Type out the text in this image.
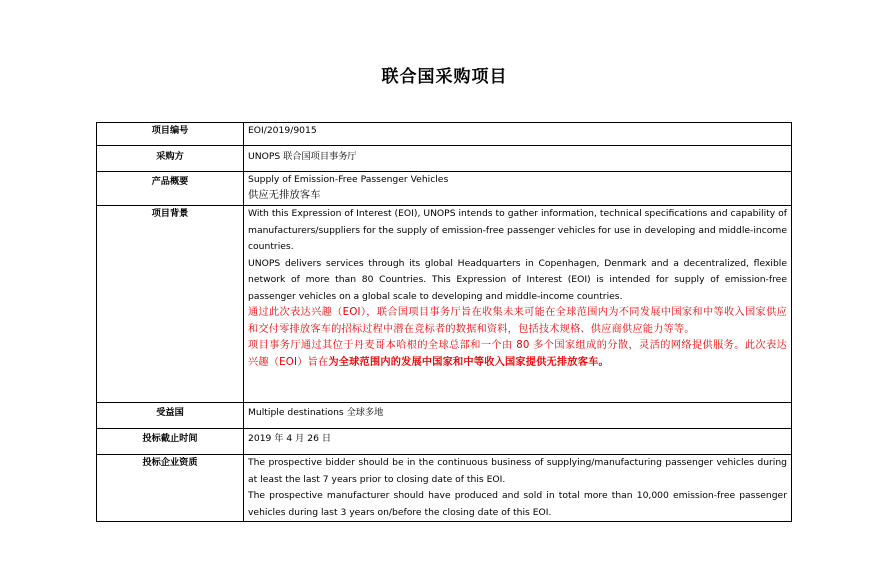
联合国采购项目
项目编号	EOI/2019/9015
采购方	UNOPS 联合国项目事务厅
产品概要	Supply of Emission-Free Passenger Vehicles

供应无排放客车

项目背景	With this Expression of Interest (EOI), UNOPS intends to gather information, technical specifications and capability of manufacturers/suppliers for the supply of emission-free passenger vehicles for use in developing and middle-income countries.

UNOPS delivers services through its global Headquarters in Copenhagen, Denmark and a decentralized, flexible network of more than 80 Countries. This Expression of Interest (EOI) is intended for supply of emission-free passenger vehicles on a global scale to developing and middle-income countries.

通过此次表达兴趣（EOI），联合国项目事务厅旨在收集未来可能在全球范围内为不同发展中国家和中等收入国家供应和交付零排放客车的招标过程中潜在竞标者的数据和资料，包括技术规格、供应商供应能力等等。

项目事务厅通过其位于丹麦哥本哈根的全球总部和一个由 80 多个国家组成的分散，灵活的网络提供服务。此次表达兴趣（EOI）旨在为全球范围内的发展中国家和中等收入国家提供无排放客车。

受益国	Multiple destinations 全球多地
投标截止时间	2019 年 4 月 26 日
投标企业资质	The prospective bidder should be in the continuous business of supplying/manufacturing passenger vehicles during at least the last 7 years prior to closing date of this EOI.

The prospective manufacturer should have produced and sold in total more than 10,000 emission-free passenger vehicles during last 3 years on/before the closing date of this EOI.
